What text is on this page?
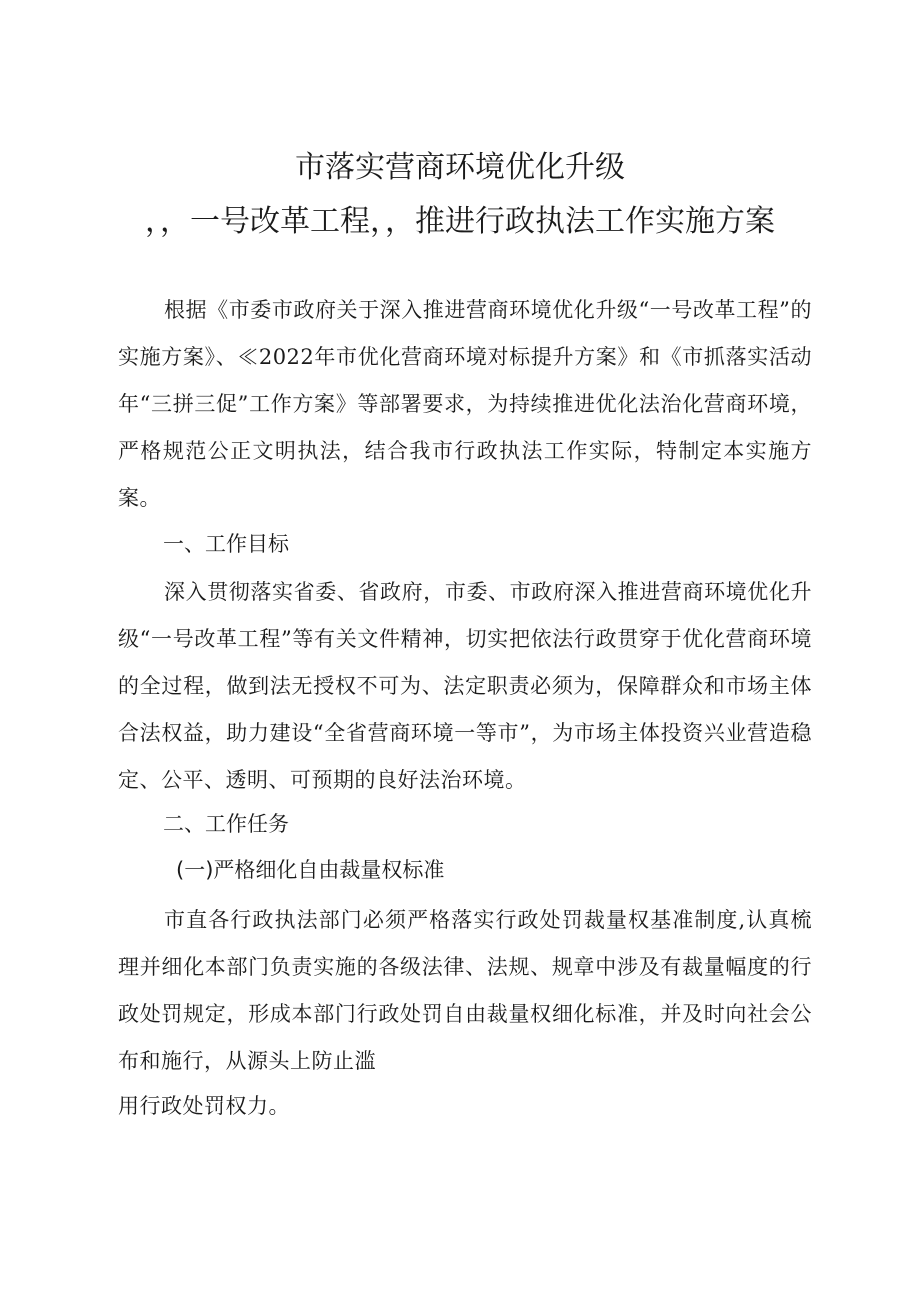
市落实营商环境优化升级
，，一号改革工程，，推进行政执法工作实施方案

根据《市委市政府关于深入推进营商环境优化升级“一号改革工程”的实施方案》、≪2022年市优化营商环境对标提升方案》和《市抓落实活动年“三拼三促”工作方案》等部署要求，为持续推进优化法治化营商环境，严格规范公正文明执法，结合我市行政执法工作实际，特制定本实施方案。

一、工作目标

深入贯彻落实省委、省政府，市委、市政府深入推进营商环境优化升级“一号改革工程”等有关文件精神，切实把依法行政贯穿于优化营商环境的全过程，做到法无授权不可为、法定职责必须为，保障群众和市场主体合法权益，助力建设“全省营商环境一等市”，为市场主体投资兴业营造稳定、公平、透明、可预期的良好法治环境。

二、工作任务
(一)严格细化自由裁量权标准

市直各行政执法部门必须严格落实行政处罚裁量权基准制度,认真梳理并细化本部门负责实施的各级法律、法规、规章中涉及有裁量幅度的行政处罚规定，形成本部门行政处罚自由裁量权细化标准，并及时向社会公布和施行，从源头上防止滥

用行政处罚权力。
